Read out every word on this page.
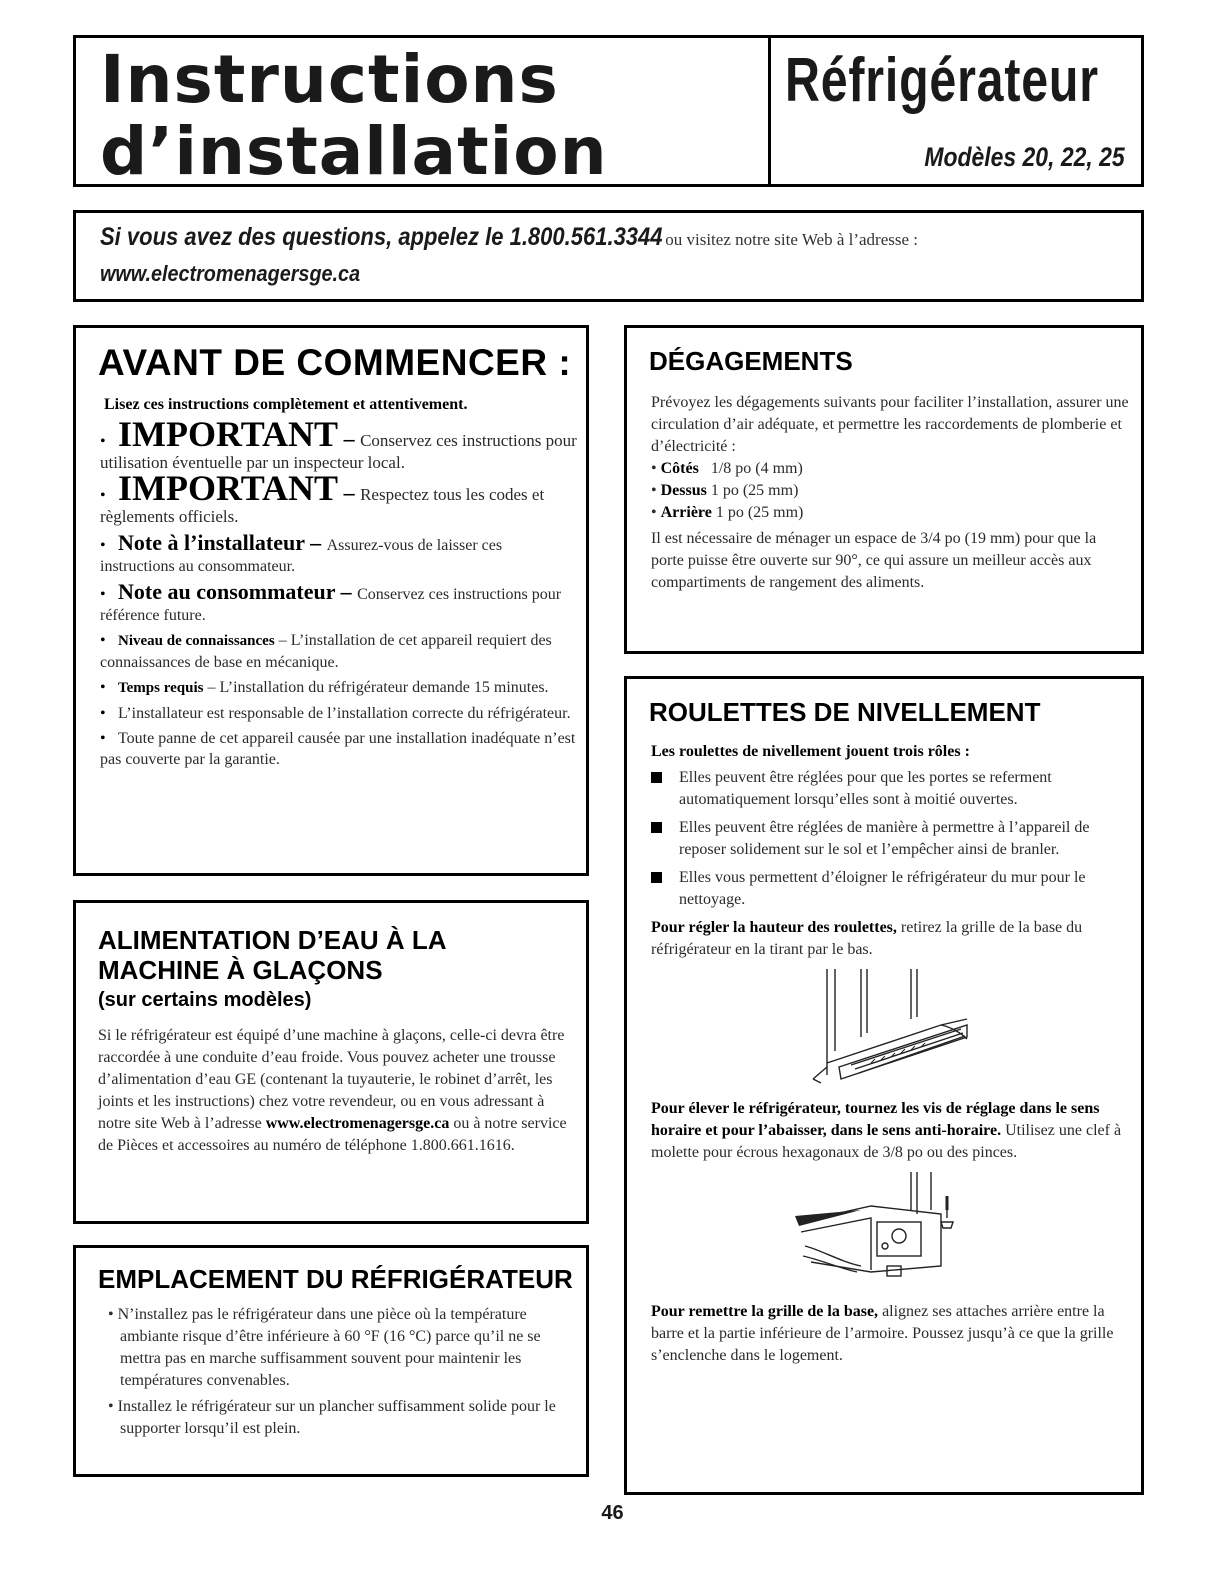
Instructions
d’installation
Réfrigérateur
Modèles 20, 22, 25
Si vous avez des questions, appelez le 1.800.561.3344 ou visitez notre site Web à l’adresse :
www.electromenagersge.ca
AVANT DE COMMENCER :
Lisez ces instructions complètement et attentivement.
• IMPORTANT – Conservez ces instructions pour utilisation éventuelle par un inspecteur local.
• IMPORTANT – Respectez tous les codes et règlements officiels.
• Note à l’installateur – Assurez-vous de laisser ces instructions au consommateur.
• Note au consommateur – Conservez ces instructions pour référence future.
• Niveau de connaissances – L’installation de cet appareil requiert des connaissances de base en mécanique.
• Temps requis – L’installation du réfrigérateur demande 15 minutes.
• L’installateur est responsable de l’installation correcte du réfrigérateur.
• Toute panne de cet appareil causée par une installation inadéquate n’est pas couverte par la garantie.
ALIMENTATION D’EAU À LA
MACHINE À GLAÇONS
(sur certains modèles)
Si le réfrigérateur est équipé d’une machine à glaçons, celle-ci devra être raccordée à une conduite d’eau froide. Vous pouvez acheter une trousse d’alimentation d’eau GE (contenant la tuyauterie, le robinet d’arrêt, les joints et les instructions) chez votre revendeur, ou en vous adressant à notre site Web à l’adresse www.electromenagersge.ca ou à notre service de Pièces et accessoires au numéro de téléphone 1.800.661.1616.
EMPLACEMENT DU RÉFRIGÉRATEUR

• N’installez pas le réfrigérateur dans une pièce où la température ambiante risque d’être inférieure à 60 °F (16 °C) parce qu’il ne se mettra pas en marche suffisamment souvent pour maintenir les températures convenables.

• Installez le réfrigérateur sur un plancher suffisamment solide pour le supporter lorsqu’il est plein.

DÉGAGEMENTS

Prévoyez les dégagements suivants pour faciliter l’installation, assurer une circulation d’air adéquate, et permettre les raccordements de plomberie et d’électricité :

• Côtés 1/8 po (4 mm)

• Dessus 1 po (25 mm)

• Arrière 1 po (25 mm)

Il est nécessaire de ménager un espace de 3/4 po (19 mm) pour que la porte puisse être ouverte sur 90°, ce qui assure un meilleur accès aux compartiments de rangement des aliments.

ROULETTES DE NIVELLEMENT

Les roulettes de nivellement jouent trois rôles :

Elles peuvent être réglées pour que les portes se referment automatiquement lorsqu’elles sont à moitié ouvertes.
Elles peuvent être réglées de manière à permettre à l’appareil de reposer solidement sur le sol et l’empêcher ainsi de branler.
Elles vous permettent d’éloigner le réfrigérateur du mur pour le nettoyage.

Pour régler la hauteur des roulettes, retirez la grille de la base du réfrigérateur en la tirant par le bas.

Pour élever le réfrigérateur, tournez les vis de réglage dans le sens horaire et pour l’abaisser, dans le sens anti-horaire. Utilisez une clef à molette pour écrous hexagonaux de 3/8 po ou des pinces.

Pour remettre la grille de la base, alignez ses attaches arrière entre la barre et la partie inférieure de l’armoire. Poussez jusqu’à ce que la grille s’enclenche dans le logement.

46
